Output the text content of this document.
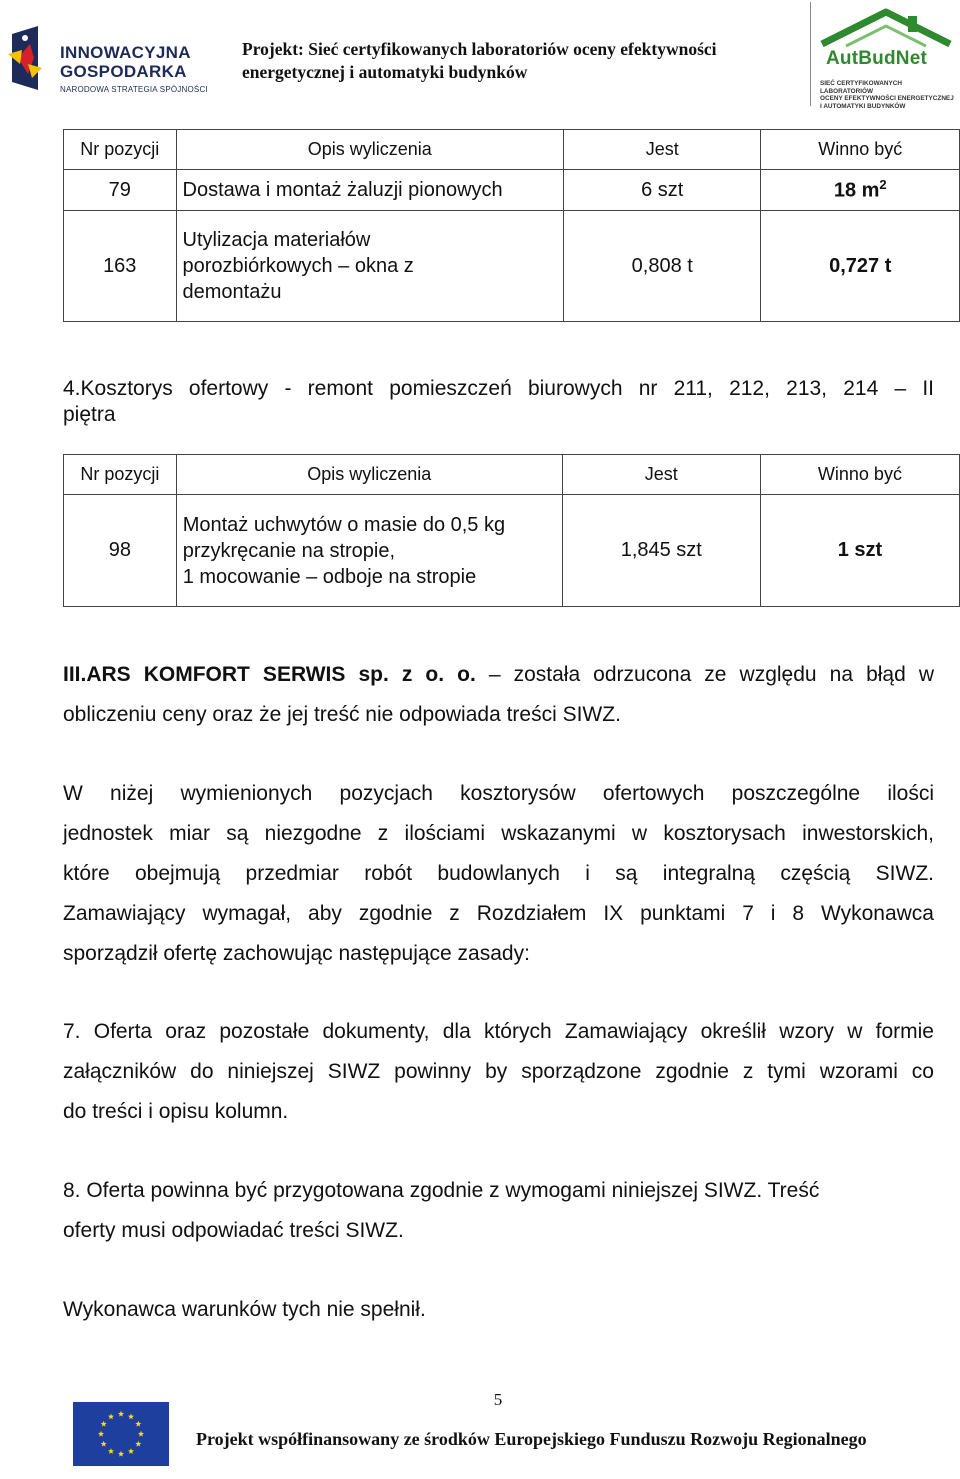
INNOWACYJNA
GOSPODARKA
NARODOWA STRATEGIA SPÓJNOŚCI
Projekt: Sieć certyfikowanych laboratoriów oceny efektywności
energetycznej i automatyki budynków
AutBudNet
SIEĆ CERTYFIKOWANYCH LABORATORIÓW
OCENY EFEKTYWNOŚCI ENERGETYCZNEJ
I AUTOMATYKI BUDYNKÓW
Nr pozycji	Opis wyliczenia	Jest	Winno być
79	Dostawa i montaż żaluzji pionowych	6 szt	18 $m^2$
163	Utylizacja materiałów
porozbiórkowych – okna z
demontażu	0,808 t	0,727 t
4.Kosztorys ofertowy - remont pomieszczeń biurowych nr 211, 212, 213, 214 – II
piętra
Nr pozycji	Opis wyliczenia	Jest	Winno być
98	Montaż uchwytów o masie do 0,5 kg
przykręcanie na stropie,
1 mocowanie – odboje na stropie	1,845 szt	1 szt
III.ARS KOMFORT SERWIS sp. z o. o. – została odrzucona ze względu na błąd w
obliczeniu ceny oraz że jej treść nie odpowiada treści SIWZ.
W niżej wymienionych pozycjach kosztorysów ofertowych poszczególne ilości
jednostek miar są niezgodne z ilościami wskazanymi w kosztorysach inwestorskich,
które obejmują przedmiar robót budowlanych i są integralną częścią SIWZ.
Zamawiający wymagał, aby zgodnie z Rozdziałem IX punktami 7 i 8 Wykonawca
sporządził ofertę zachowując następujące zasady:
7. Oferta oraz pozostałe dokumenty, dla których Zamawiający określił wzory w formie
załączników do niniejszej SIWZ powinny by sporządzone zgodnie z tymi wzorami co
do treści i opisu kolumn.
8. Oferta powinna być przygotowana zgodnie z wymogami niniejszej SIWZ. Treść
oferty musi odpowiadać treści SIWZ.
Wykonawca warunków tych nie spełnił.
5
Projekt współfinansowany ze środków Europejskiego Funduszu Rozwoju Regionalnego
